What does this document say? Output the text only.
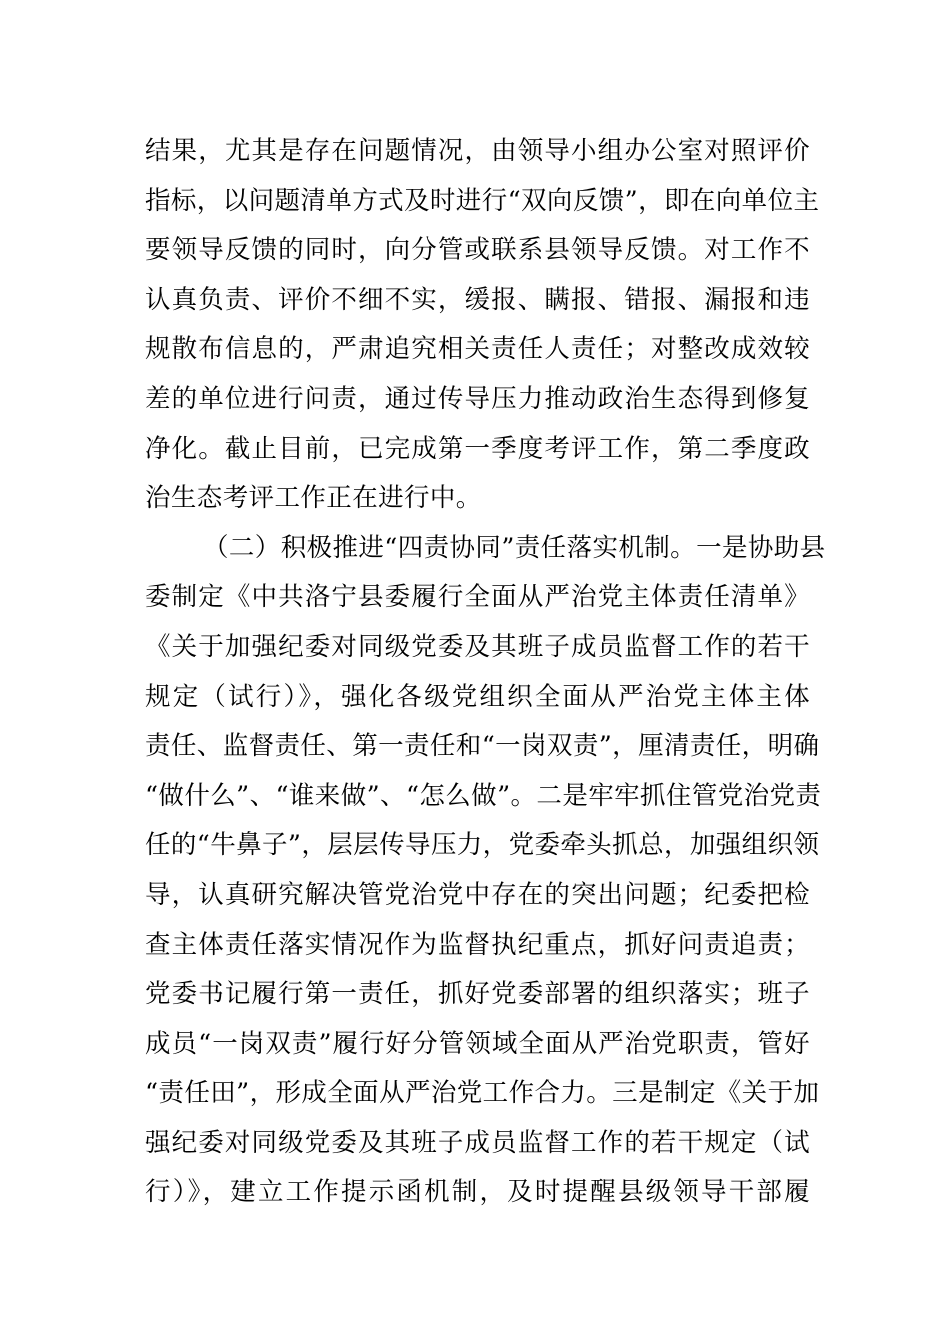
结果，尤其是存在问题情况，由领导小组办公室对照评价
指标，以问题清单方式及时进行“双向反馈”，即在向单位主
要领导反馈的同时，向分管或联系县领导反馈。对工作不
认真负责、评价不细不实，缓报、瞒报、错报、漏报和违
规散布信息的，严肃追究相关责任人责任；对整改成效较
差的单位进行问责，通过传导压力推动政治生态得到修复
净化。截止目前，已完成第一季度考评工作，第二季度政
治生态考评工作正在进行中。
（二）积极推进“四责协同”责任落实机制。一是协助县
委制定《中共洛宁县委履行全面从严治党主体责任清单》
《关于加强纪委对同级党委及其班子成员监督工作的若干
规定（试行）》，强化各级党组织全面从严治党主体主体
责任、监督责任、第一责任和“一岗双责”，厘清责任，明确
“做什么”、“谁来做”、“怎么做”。二是牢牢抓住管党治党责
任的“牛鼻子”，层层传导压力，党委牵头抓总，加强组织领
导，认真研究解决管党治党中存在的突出问题；纪委把检
查主体责任落实情况作为监督执纪重点，抓好问责追责；
党委书记履行第一责任，抓好党委部署的组织落实；班子
成员“一岗双责”履行好分管领域全面从严治党职责，管好
“责任田”，形成全面从严治党工作合力。三是制定《关于加
强纪委对同级党委及其班子成员监督工作的若干规定（试
行）》，建立工作提示函机制，及时提醒县级领导干部履
